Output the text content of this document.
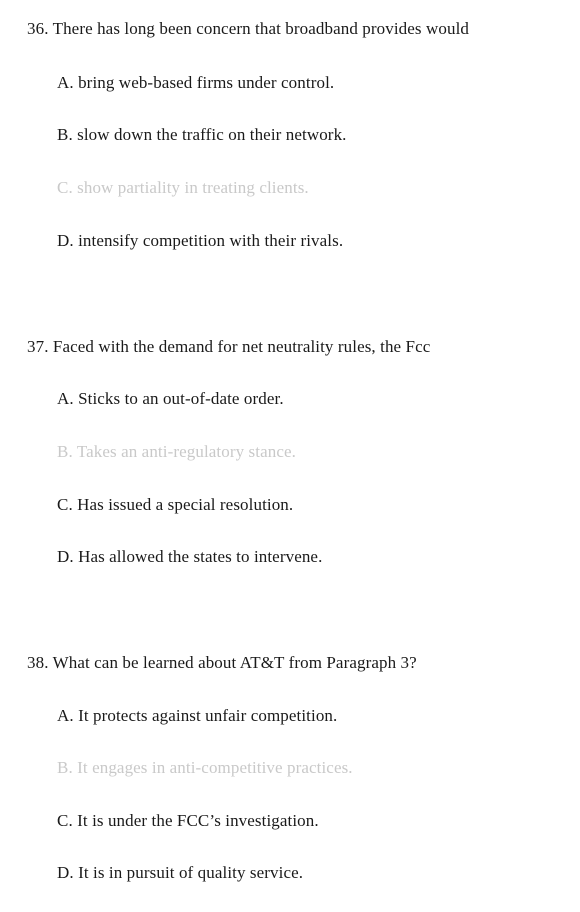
36. There has long been concern that broadband provides would
A. bring web-based firms under control.
B. slow down the traffic on their network.
C. show partiality in treating clients.
D. intensify competition with their rivals.
37. Faced with the demand for net neutrality rules, the Fcc
A. Sticks to an out-of-date order.
B. Takes an anti-regulatory stance.
C. Has issued a special resolution.
D. Has allowed the states to intervene.
38. What can be learned about AT&T from Paragraph 3?
A. It protects against unfair competition.
B. It engages in anti-competitive practices.
C. It is under the FCC’s investigation.
D. It is in pursuit of quality service.
